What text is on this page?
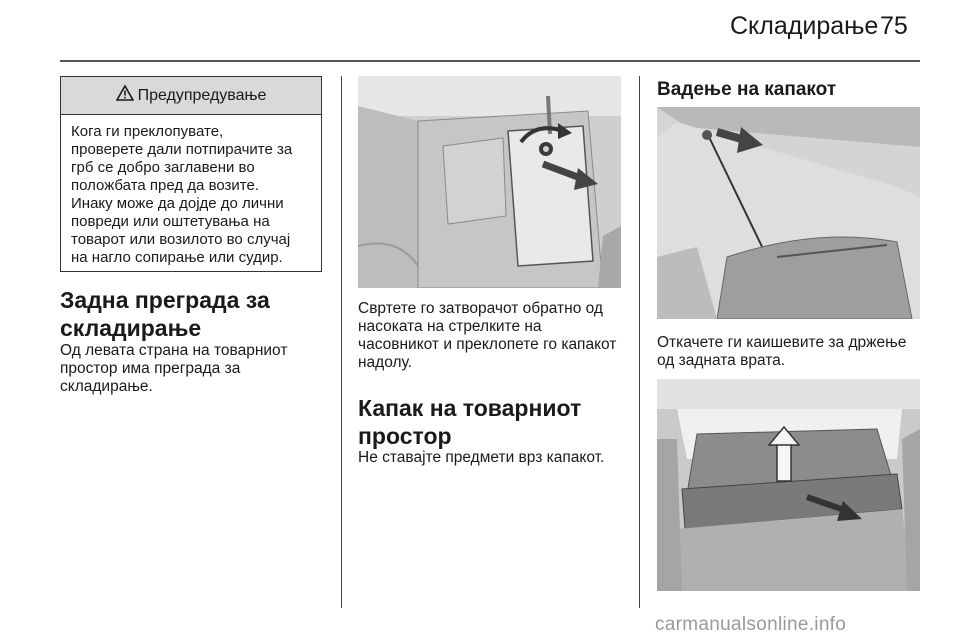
Складирање 75
Предупредување
Кога ги преклопувате,
проверете дали потпирачите за
грб се добро заглавени во
положбата пред да возите.
Инаку може да дојде до лични
повреди или оштетувања на
товарот или возилото во случај
на нагло сопирање или судир.
Задна преграда за
складирање
Од левата страна на товарниот
простор има преграда за
складирање.
Свртете го затворачот обратно од
насоката на стрелките на
часовникот и преклопете го капакот
надолу.
Капак на товарниот
простор
Не ставајте предмети врз капакот.
Вадење на капакот
Откачете ги каишевите за држење
од задната врата.
carmanualsonline.info
